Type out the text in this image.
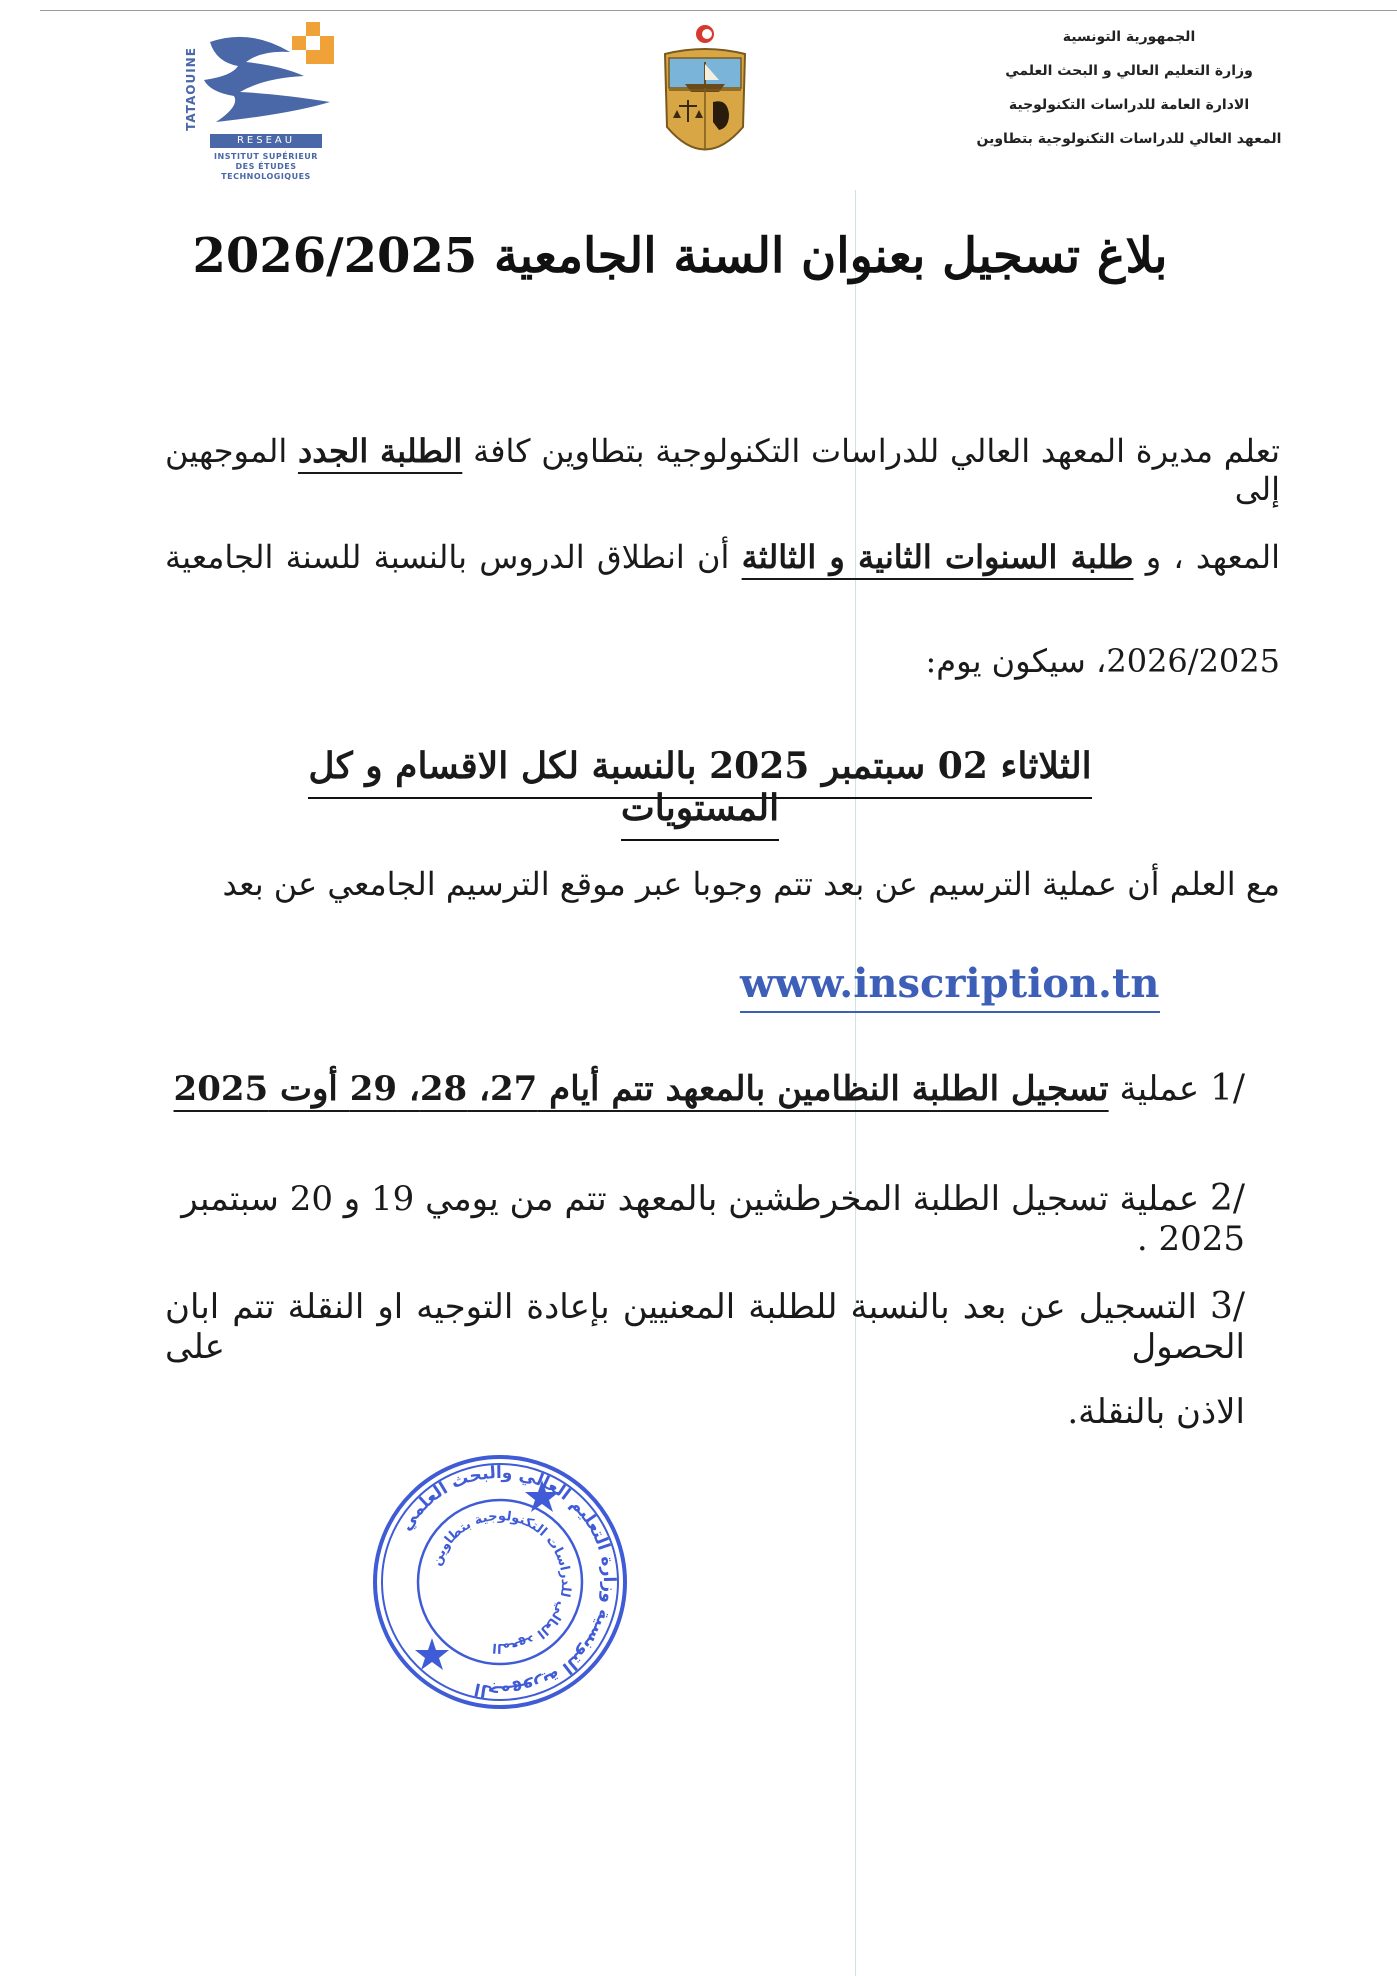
الجمهورية التونسية
وزارة التعليم العالي و البحث العلمي
الادارة العامة للدراسات التكنولوجية
المعهد العالي للدراسات التكنولوجية بتطاوين
TATAOUINE
RESEAU
INSTITUT SUPÉRIEUR
DES ÉTUDES
TECHNOLOGIQUES
بلاغ تسجيل بعنوان السنة الجامعية 2026/2025
تعلم مديرة المعهد العالي للدراسات التكنولوجية بتطاوين كافة الطلبة الجدد الموجهين إلى
المعهد ، و طلبة السنوات الثانية و الثالثة أن انطلاق الدروس بالنسبة للسنة الجامعية
2026/2025، سيكون يوم:
الثلاثاء 02 سبتمبر 2025 بالنسبة لكل الاقسام و كل المستويات
مع العلم أن عملية الترسيم عن بعد تتم وجوبا عبر موقع الترسيم الجامعي عن بعد
www.inscription.tn
/1 عملية تسجيل الطلبة النظامين بالمعهد تتم أيام 27، 28، 29 أوت 2025
/2 عملية تسجيل الطلبة المخرطشين بالمعهد تتم من يومي 19 و 20 سبتمبر 2025 .
/3 التسجيل عن بعد بالنسبة للطلبة المعنيين بإعادة التوجيه او النقلة تتم ابان الحصول على
الاذن بالنقلة.
الجمهورية التونسية وزارة التعليم العالي والبحث العلمي
المعهد العالي للدراسات التكنولوجية بتطاوين
